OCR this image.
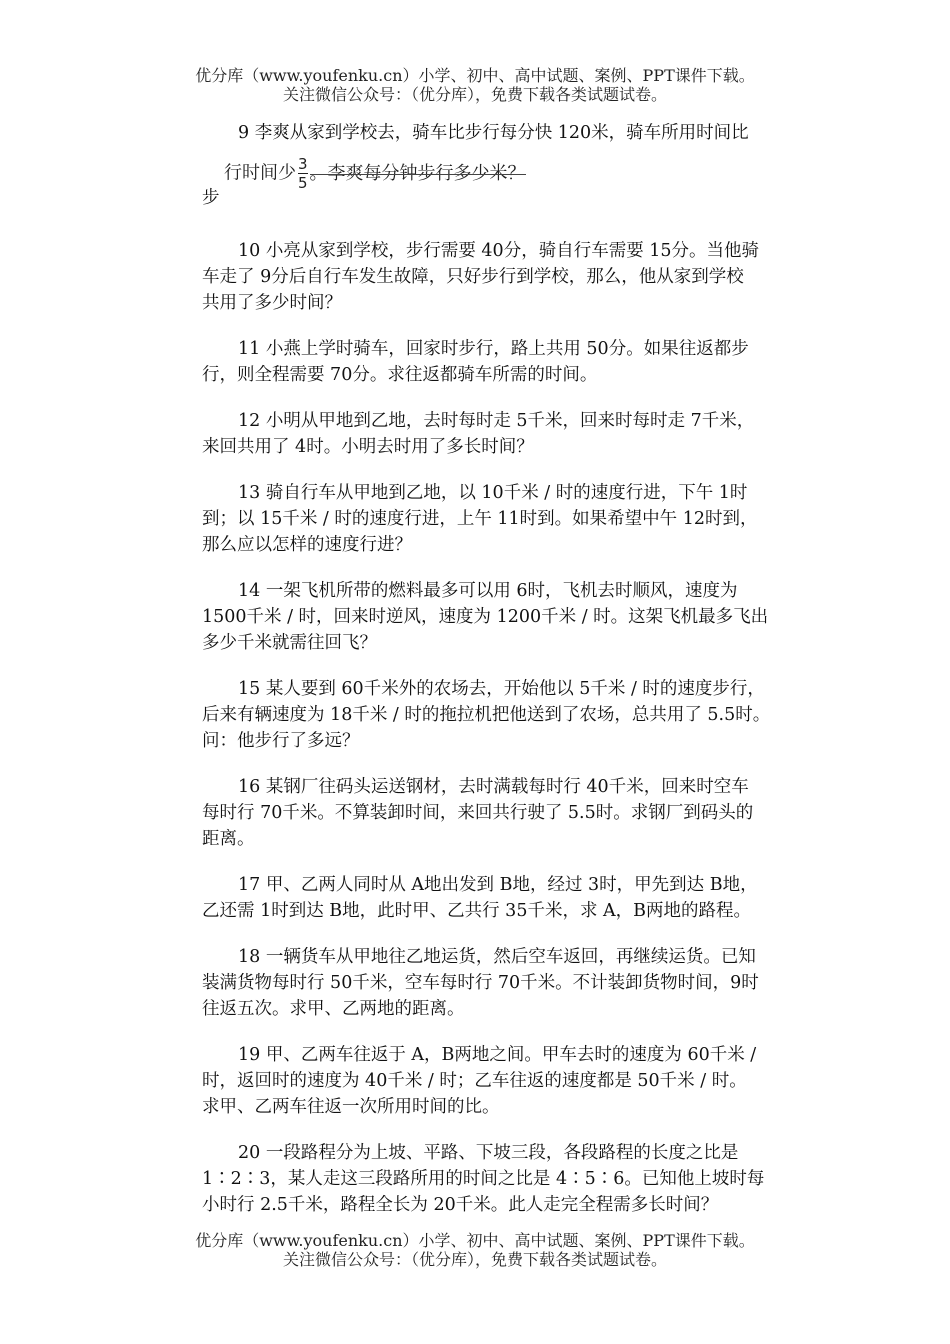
优分库（www.youfenku.cn）小学、初中、高中试题、案例、PPT课件下载。
关注微信公众号：（优分库），免费下载各类试题试卷。
9 李爽从家到学校去，骑车比步行每分快 120米，骑车所用时间比
行时间少 $\frac{3}{5}$ 。李爽每分钟步行多少米？
步
10 小亮从家到学校，步行需要 40分，骑自行车需要 15分。当他骑
车走了 9分后自行车发生故障，只好步行到学校，那么，他从家到学校
共用了多少时间？
11 小燕上学时骑车，回家时步行，路上共用 50分。如果往返都步
行，则全程需要 70分。求往返都骑车所需的时间。
12 小明从甲地到乙地，去时每时走 5千米，回来时每时走 7千米，
来回共用了 4时。小明去时用了多长时间？
13 骑自行车从甲地到乙地，以 10千米 / 时的速度行进，下午 1时
到；以 15千米 / 时的速度行进，上午 11时到。如果希望中午 12时到，
那么应以怎样的速度行进？
14 一架飞机所带的燃料最多可以用 6时，飞机去时顺风，速度为
1500千米 / 时，回来时逆风，速度为 1200千米 / 时。这架飞机最多飞出
多少千米就需往回飞？
15 某人要到 60千米外的农场去，开始他以 5千米 / 时的速度步行，
后来有辆速度为 18千米 / 时的拖拉机把他送到了农场，总共用了 5.5时。
问：他步行了多远？
16 某钢厂往码头运送钢材，去时满载每时行 40千米，回来时空车
每时行 70千米。不算装卸时间，来回共行驶了 5.5时。求钢厂到码头的
距离。
17 甲、乙两人同时从 A地出发到 B地，经过 3时，甲先到达 B地，
乙还需 1时到达 B地，此时甲、乙共行 35千米，求 A，B两地的路程。
18 一辆货车从甲地往乙地运货，然后空车返回，再继续运货。已知
装满货物每时行 50千米，空车每时行 70千米。不计装卸货物时间，9时
往返五次。求甲、乙两地的距离。
19 甲、乙两车往返于 A，B两地之间。甲车去时的速度为 60千米 /
时，返回时的速度为 40千米 / 时；乙车往返的速度都是 50千米 / 时。
求甲、乙两车往返一次所用时间的比。
20 一段路程分为上坡、平路、下坡三段，各段路程的长度之比是
1∶2∶3，某人走这三段路所用的时间之比是 4∶5∶6。已知他上坡时每
小时行 2.5千米，路程全长为 20千米。此人走完全程需多长时间？
优分库（www.youfenku.cn）小学、初中、高中试题、案例、PPT课件下载。
关注微信公众号：（优分库），免费下载各类试题试卷。
